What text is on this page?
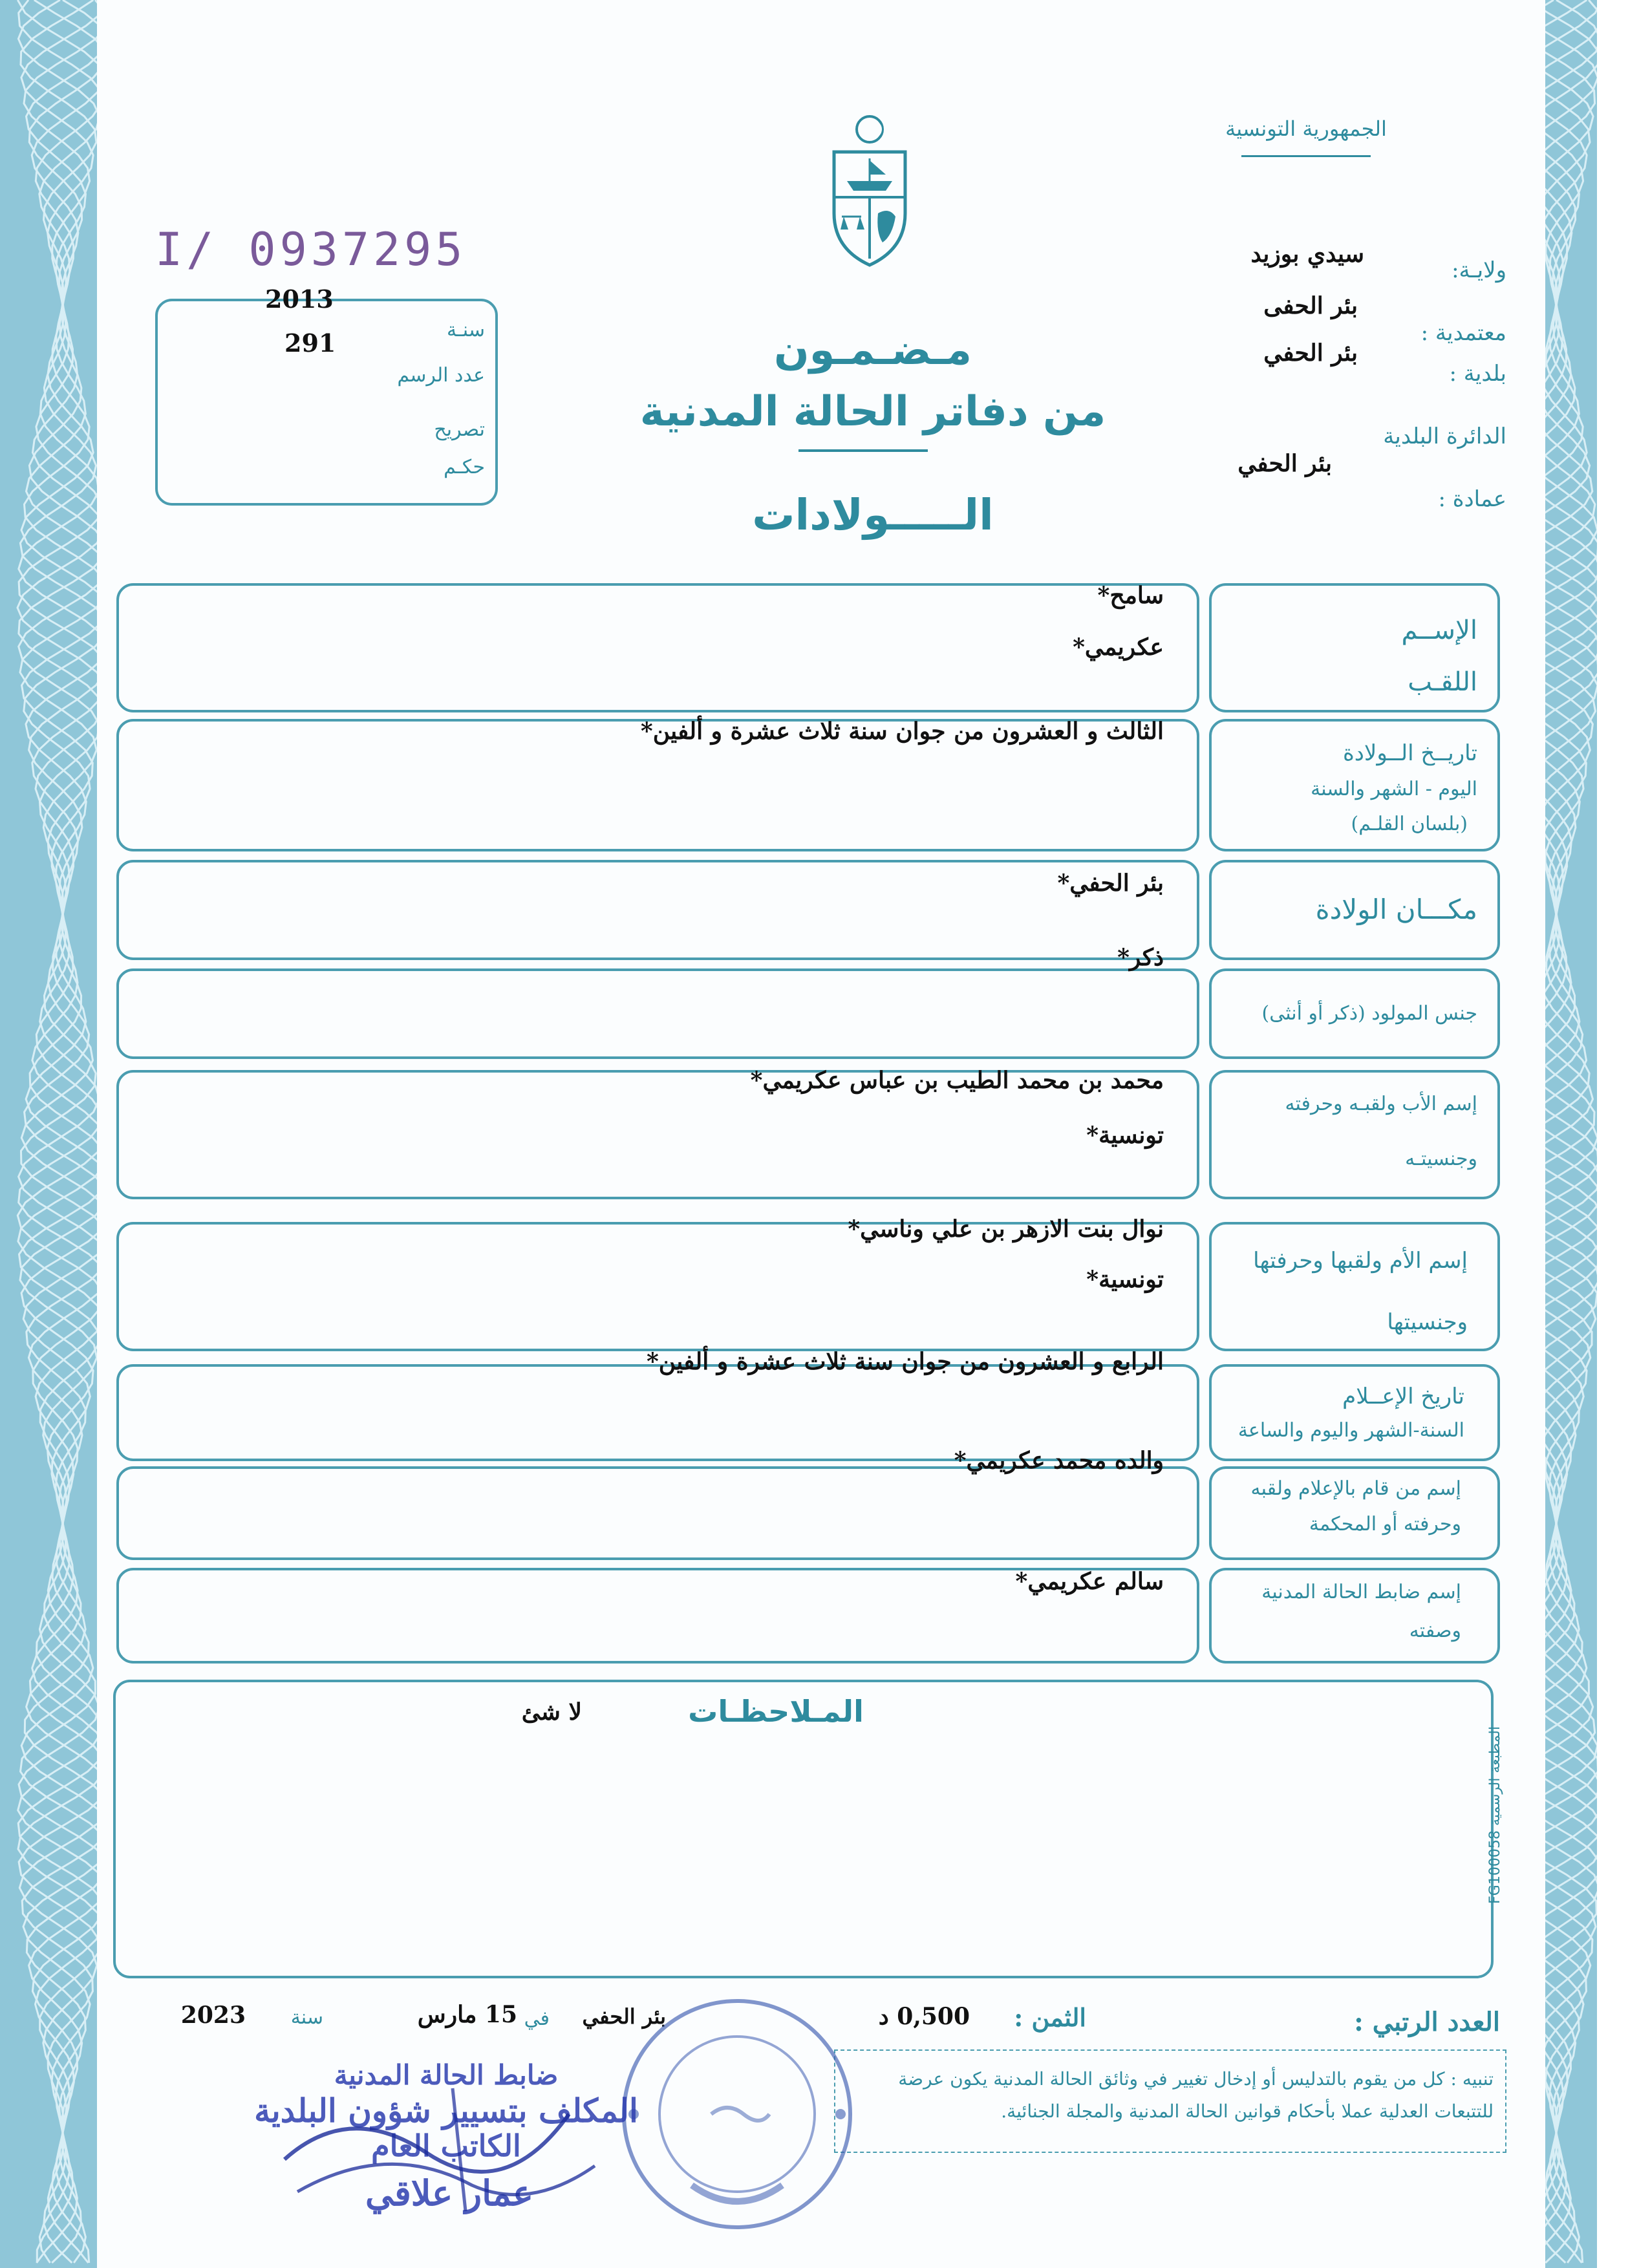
الجمهورية التونسية
I/ 0937295
2013
291	سنـة
عدد الرسم
تصريح
حكـم
ولايـة:
سيدي بوزيد
معتمدية :
بئر الحفى
بلدية :
بئر الحفي
الدائرة البلدية
بئر الحفي
عمادة :
مـضـمـون
من دفاتر الحالة المدنية
الـــــولادات
الإســم
اللقـب
سامح*
عكريمي*
تاريــخ الــولادة
اليوم - الشهر والسنة
(بلسان القلـم)
الثالث و العشرون من جوان سنة ثلاث عشرة و ألفين*
مكـــان الولادة
بئر الحفي*
جنس المولود (ذكر أو أنثى)
ذكر*
إسم الأب ولقبـه وحرفته
وجنسيتـه
محمد بن محمد الطيب بن عباس عكريمي*
تونسية*
إسم الأم ولقبها وحرفتها
وجنسيتها
نوال بنت الازهر بن علي وناسي*
تونسية*
تاريخ الإعــلام
السنة-الشهر واليوم والساعة
الرابع و العشرون من جوان سنة ثلاث عشرة و ألفين*
إسم من قام بالإعلام ولقبه
وحرفته أو المحكمة
والده محمد عكريمي*
إسم ضابط الحالة المدنية
وصفته
سالم عكريمي*
المـلاحظـات
لا شئ
المطبعة الرسمية FG100058
العدد الرتبي :
الثمن :
0,500 د
بئر الحفي
في
15 مارس
سنة
2023
تنبيه : كل من يقوم بالتدليس أو إدخال تغيير في وثائق الحالة المدنية يكون عرضة
للتتبعات العدلية عملا بأحكام قوانين الحالة المدنية والمجلة الجنائية.
ضابط الحالة المدنية
المكلف بتسيير شؤون البلدية
الكاتب العام
عمار علاقي
